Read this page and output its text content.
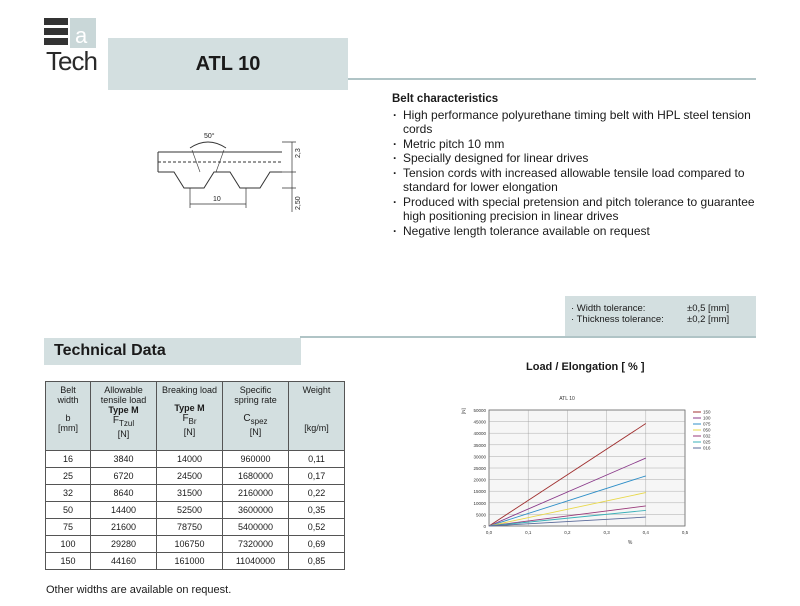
a
Tech	ATL 10
50°
10
2,3
2,50
Belt characteristics
· High performance polyurethane timing belt with HPL steel tension cords
· Metric pitch 10 mm
· Specially designed for linear drives
· Tension cords with increased allowable tensile load compared to standard for lower elongation
· Produced with special pretension and pitch tolerance to guarantee high positioning precision in linear drives
· Negative length tolerance available on request
· Width tolerance:	±0,5 [mm]
· Thickness tolerance:	±0,2 [mm]
Technical Data
Belt
width
b
[mm]	Allowable
tensile load
Type M
$F_{Tzul}$
[N]	Breaking load
Type M
$F_{Br}$
[N]	Specific
spring rate
$C_{spez}$
[N]	Weight
[kg/m]
16	3840	14000	960000	0,11
25	6720	24500	1680000	0,17
32	8640	31500	2160000	0,22
50	14400	52500	3600000	0,35
75	21600	78750	5400000	0,52
100	29280	106750	7320000	0,69
150	44160	161000	11040000	0,85
Other widths are available on request.
Load / Elongation [ % ]
0
5000
10000
15000
20000
25000
30000
35000
40000
45000
50000
0,0	0,1	0,2	0,3	0,4	0,5
ATL 10
%
[N]	150
100
075
050
032
025
016
